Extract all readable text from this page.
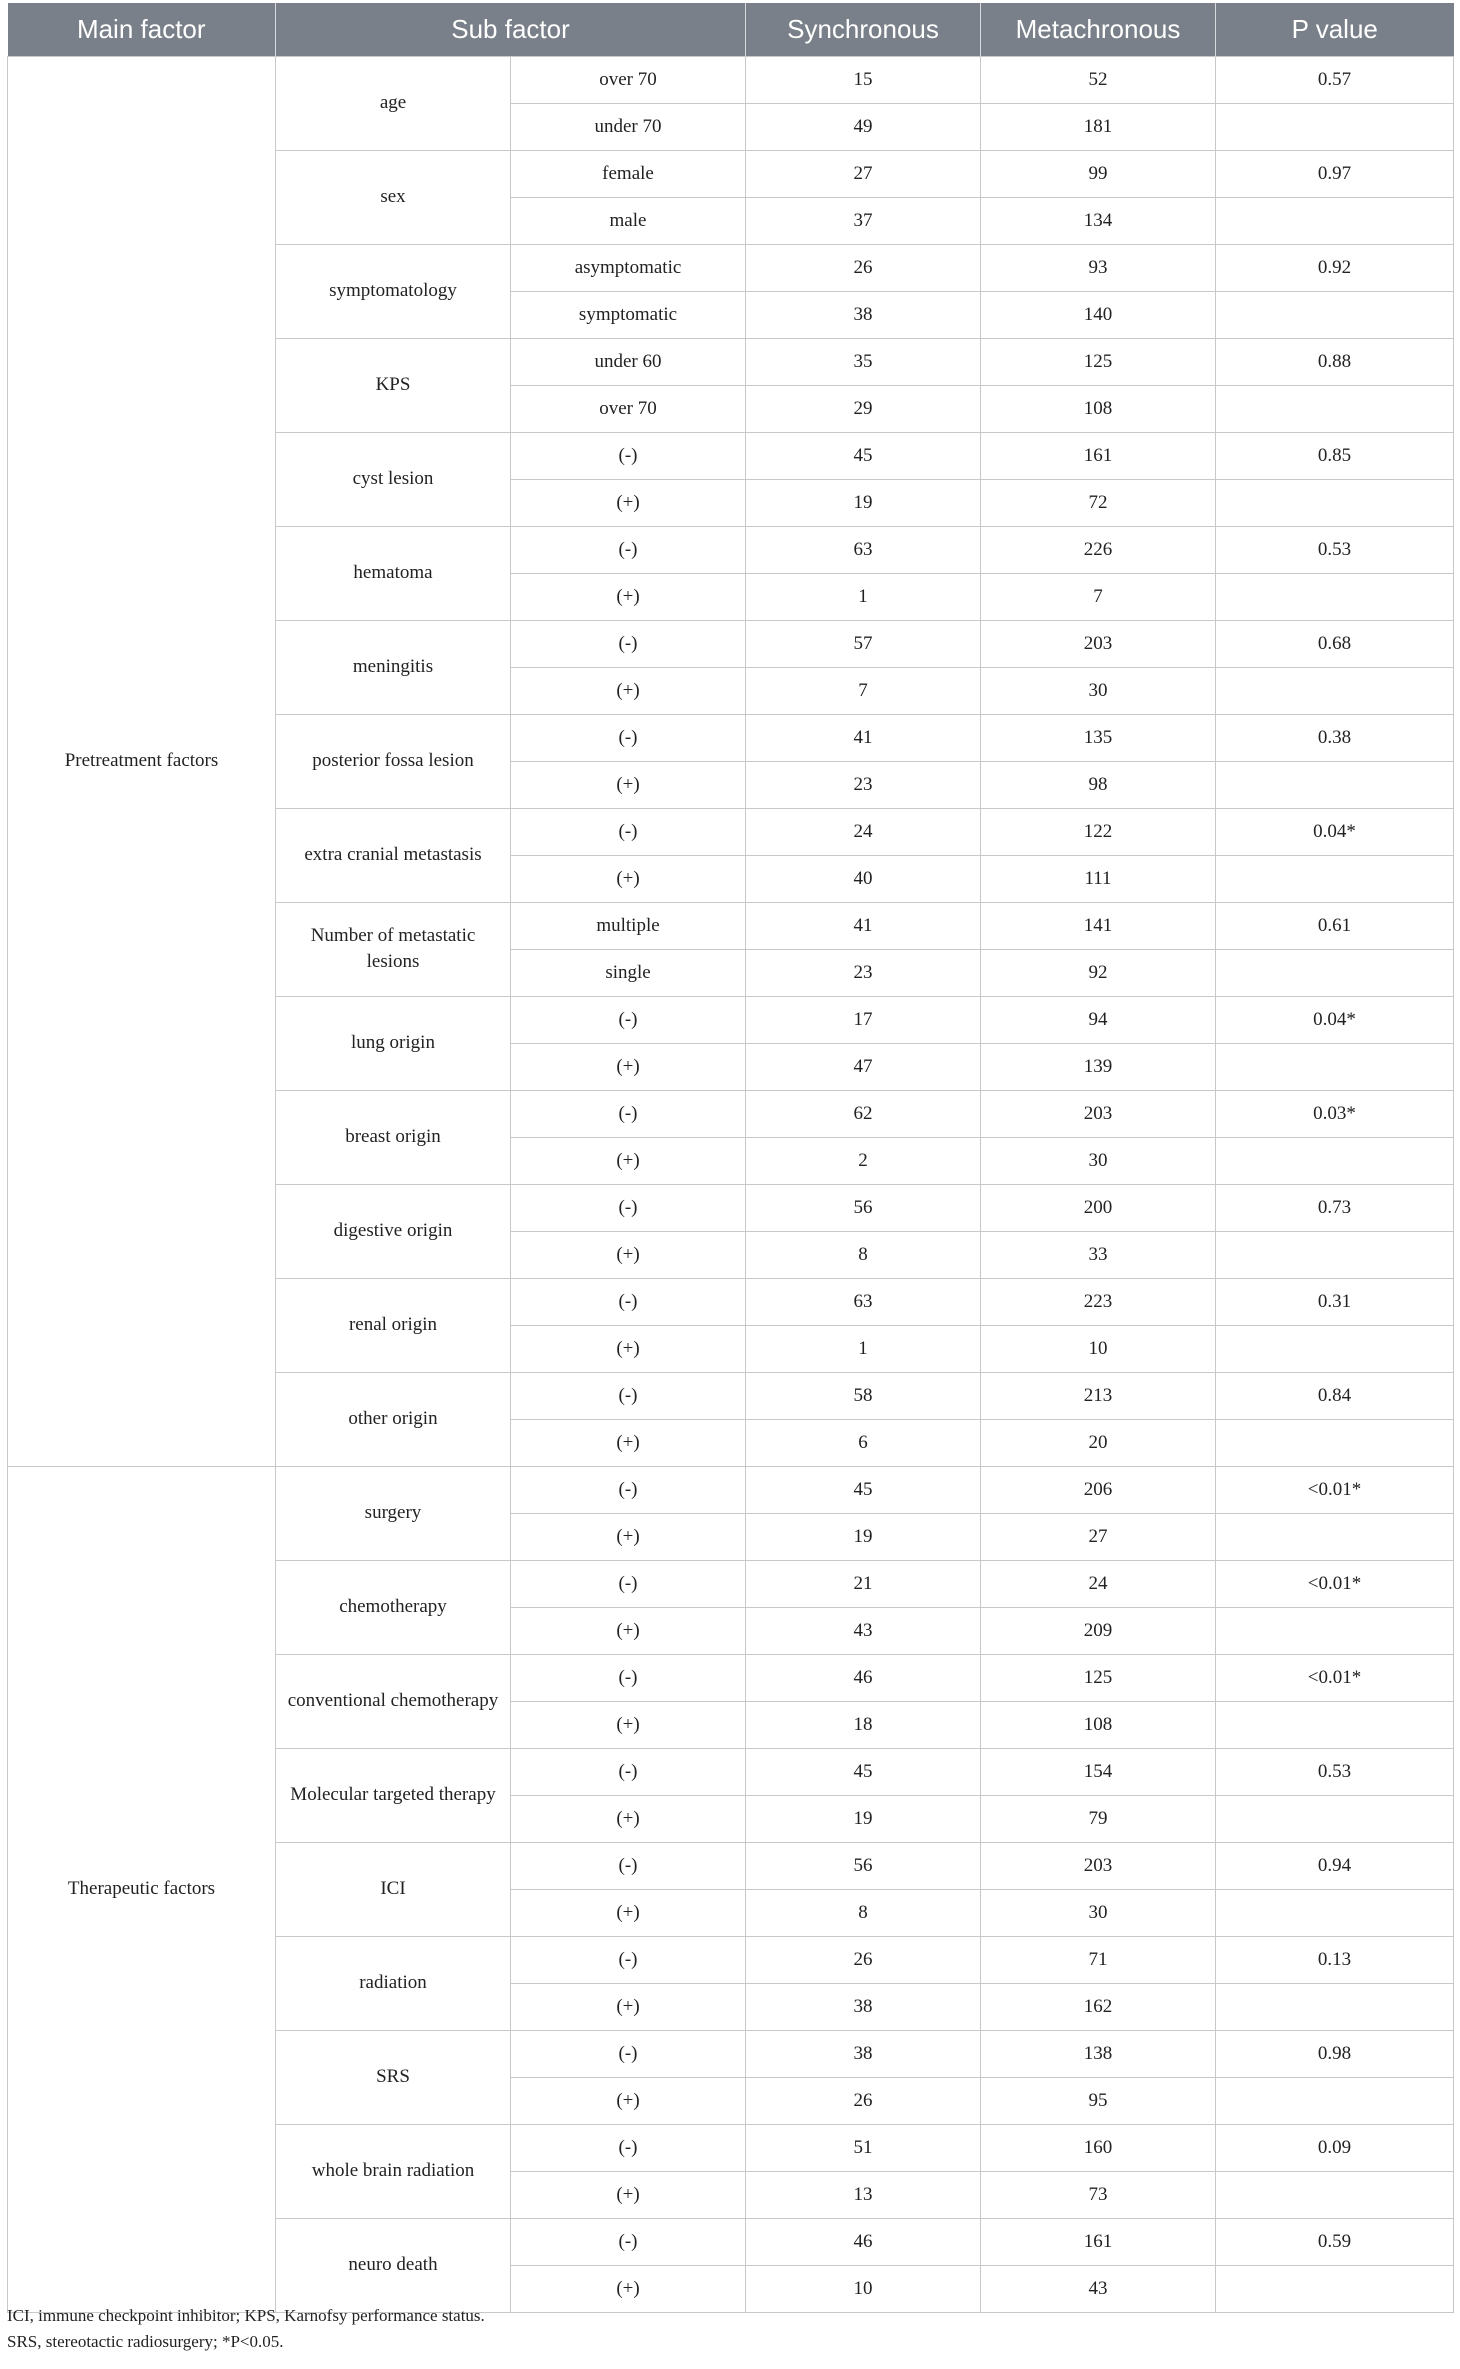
Main factor	Sub factor		Synchronous	Metachronous	P value
Pretreatment factors	age	over 70	15	52	0.57
		under 70	49	181	
	sex	female	27	99	0.97
		male	37	134	
	symptomatology	asymptomatic	26	93	0.92
		symptomatic	38	140	
	KPS	under 60	35	125	0.88
		over 70	29	108	
	cyst lesion	(-)	45	161	0.85
		(+)	19	72	
	hematoma	(-)	63	226	0.53
		(+)	1	7	
	meningitis	(-)	57	203	0.68
		(+)	7	30	
	posterior fossa lesion	(-)	41	135	0.38
		(+)	23	98	
	extra cranial metastasis	(-)	24	122	0.04*
		(+)	40	111	
	Number of metastatic lesions	multiple	41	141	0.61
		single	23	92	
	lung origin	(-)	17	94	0.04*
		(+)	47	139	
	breast origin	(-)	62	203	0.03*
		(+)	2	30	
	digestive origin	(-)	56	200	0.73
		(+)	8	33	
	renal origin	(-)	63	223	0.31
		(+)	1	10	
	other origin	(-)	58	213	0.84
		(+)	6	20	
Therapeutic factors	surgery	(-)	45	206	<0.01*
		(+)	19	27	
	chemotherapy	(-)	21	24	<0.01*
		(+)	43	209	
	conventional chemotherapy	(-)	46	125	<0.01*
		(+)	18	108	
	Molecular targeted therapy	(-)	45	154	0.53
		(+)	19	79	
	ICI	(-)	56	203	0.94
		(+)	8	30	
	radiation	(-)	26	71	0.13
		(+)	38	162	
	SRS	(-)	38	138	0.98
		(+)	26	95	
	whole brain radiation	(-)	51	160	0.09
		(+)	13	73	
	neuro death	(-)	46	161	0.59
		(+)	10	43	
ICI, immune checkpoint inhibitor; KPS, Karnofsy performance status.
SRS, stereotactic radiosurgery; *P<0.05.
